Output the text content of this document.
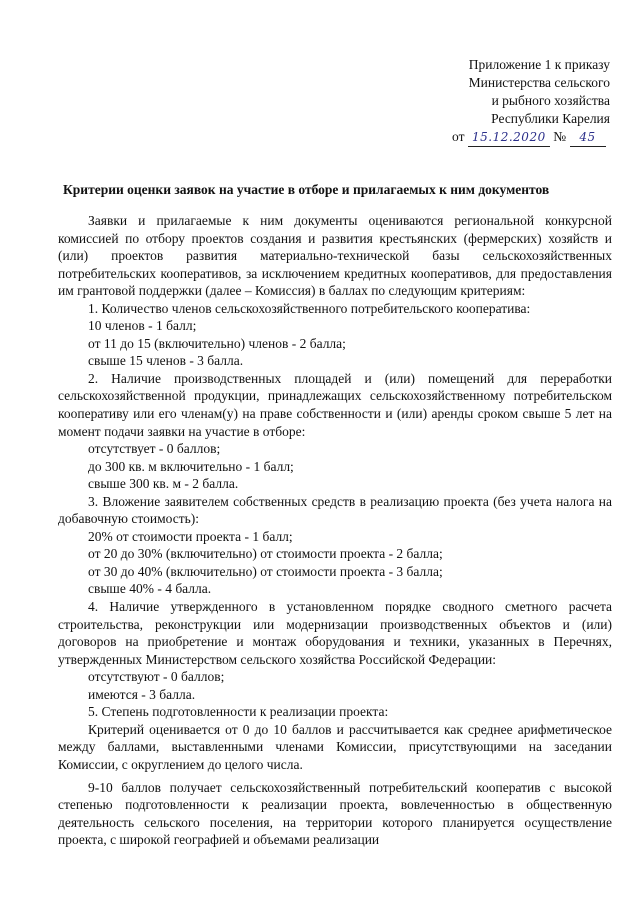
Приложение 1 к приказу
Министерства сельского
и рыбного хозяйства
Республики Карелия
от 15.12.2020 № 45
Критерии оценки заявок на участие в отборе и прилагаемых к ним документов

Заявки и прилагаемые к ним документы оцениваются региональной конкурсной комиссией по отбору проектов создания и развития крестьянских (фермерских) хозяйств и (или) проектов развития материально-технической базы сельскохозяйственных потребительских кооперативов, за исключением кредитных кооперативов, для предоставления им грантовой поддержки (далее – Комиссия) в баллах по следующим критериям:

1. Количество членов сельскохозяйственного потребительского кооператива:

10 членов - 1 балл;

от 11 до 15 (включительно) членов - 2 балла;

свыше 15 членов - 3 балла.

2. Наличие производственных площадей и (или) помещений для переработки сельскохозяйственной продукции, принадлежащих сельскохозяйственному потребительском кооперативу или его членам(у) на праве собственности и (или) аренды сроком свыше 5 лет на момент подачи заявки на участие в отборе:

отсутствует - 0 баллов;

до 300 кв. м включительно - 1 балл;

свыше 300 кв. м - 2 балла.

3. Вложение заявителем собственных средств в реализацию проекта (без учета налога на добавочную стоимость):

20% от стоимости проекта - 1 балл;

от 20 до 30% (включительно) от стоимости проекта - 2 балла;

от 30 до 40% (включительно) от стоимости проекта - 3 балла;

свыше 40% - 4 балла.

4. Наличие утвержденного в установленном порядке сводного сметного расчета строительства, реконструкции или модернизации производственных объектов и (или) договоров на приобретение и монтаж оборудования и техники, указанных в Перечнях, утвержденных Министерством сельского хозяйства Российской Федерации:

отсутствуют - 0 баллов;

имеются - 3 балла.

5. Степень подготовленности к реализации проекта:

Критерий оценивается от 0 до 10 баллов и рассчитывается как среднее арифметическое между баллами, выставленными членами Комиссии, присутствующими на заседании Комиссии, с округлением до целого числа.

9-10 баллов получает сельскохозяйственный потребительский кооператив с высокой степенью подготовленности к реализации проекта, вовлеченностью в общественную деятельность сельского поселения, на территории которого планируется осуществление проекта, с широкой географией и объемами реализации
